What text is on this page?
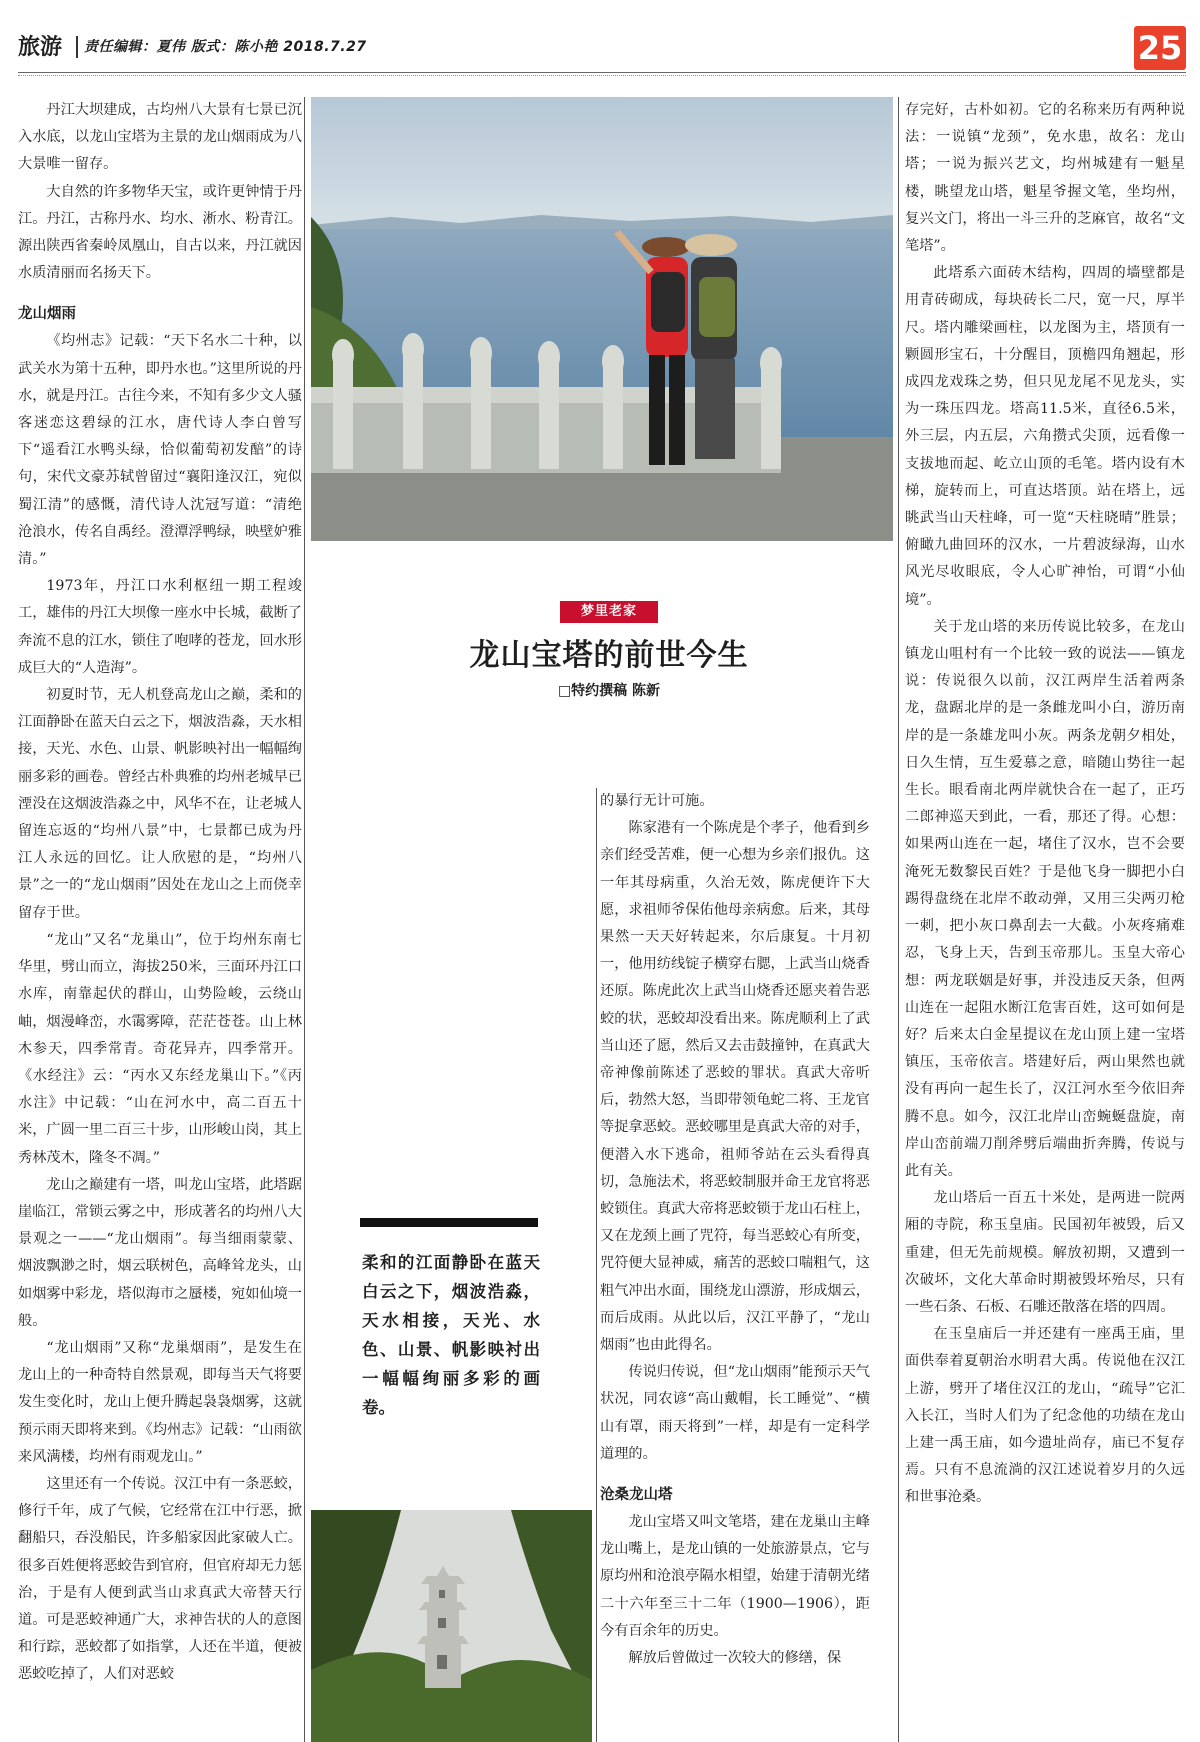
旅游 责任编辑：夏伟 版式：陈小艳 2018.7.27	25

丹江大坝建成，古均州八大景有七景已沉入水底，以龙山宝塔为主景的龙山烟雨成为八大景唯一留存。

大自然的许多物华天宝，或许更钟情于丹江。丹江，古称丹水、均水、淅水、粉青江。源出陕西省秦岭凤凰山，自古以来，丹江就因水质清丽而名扬天下。

龙山烟雨

《均州志》记载：“天下名水二十种，以武关水为第十五种，即丹水也。”这里所说的丹水，就是丹江。古往今来，不知有多少文人骚客迷恋这碧绿的江水，唐代诗人李白曾写下“遥看江水鸭头绿，恰似葡萄初发醅”的诗句，宋代文豪苏轼曾留过“襄阳逢汉江，宛似蜀江清”的感慨，清代诗人沈冠写道：“清绝沧浪水，传名自禹经。澄潭浮鸭绿，映壁妒雅清。”

1973年，丹江口水利枢纽一期工程竣工，雄伟的丹江大坝像一座水中长城，截断了奔流不息的江水，锁住了咆哮的苍龙，回水形成巨大的“人造海”。

初夏时节，无人机登高龙山之巅，柔和的江面静卧在蓝天白云之下，烟波浩淼，天水相接，天光、水色、山景、帆影映衬出一幅幅绚丽多彩的画卷。曾经古朴典雅的均州老城早已湮没在这烟波浩淼之中，风华不在，让老城人留连忘返的“均州八景”中，七景都已成为丹江人永远的回忆。让人欣慰的是，“均州八景”之一的“龙山烟雨”因处在龙山之上而侥幸留存于世。

“龙山”又名“龙巢山”，位于均州东南七华里，劈山而立，海拔250米，三面环丹江口水库，南靠起伏的群山，山势险峻，云绕山岫，烟漫峰峦，水霭雾障，茫茫苍苍。山上林木参天，四季常青。奇花异卉，四季常开。《水经注》云：“丙水又东经龙巢山下。”《丙水注》中记载：“山在河水中，高二百五十米，广圆一里二百三十步，山形峻山岗，其上秀林茂木，隆冬不凋。”

龙山之巅建有一塔，叫龙山宝塔，此塔踞崖临江，常锁云雾之中，形成著名的均州八大景观之一——“龙山烟雨”。每当细雨蒙蒙、烟波飘渺之时，烟云联树色，高峰耸龙头，山如烟雾中彩龙，塔似海市之蜃楼，宛如仙境一般。

“龙山烟雨”又称“龙巢烟雨”，是发生在龙山上的一种奇特自然景观，即每当天气将要发生变化时，龙山上便升腾起袅袅烟雾，这就预示雨天即将来到。《均州志》记载：“山雨欲来风满楼，均州有雨观龙山。”

这里还有一个传说。汉江中有一条恶蛟，修行千年，成了气候，它经常在江中行恶，掀翻船只，吞没船民，许多船家因此家破人亡。很多百姓便将恶蛟告到官府，但官府却无力惩治，于是有人便到武当山求真武大帝替天行道。可是恶蛟神通广大，求神告状的人的意图和行踪，恶蛟都了如指掌，人还在半道，便被恶蛟吃掉了，人们对恶蛟

梦里老家
龙山宝塔的前世今生
□特约撰稿 陈新

的暴行无计可施。

陈家港有一个陈虎是个孝子，他看到乡亲们经受苦难，便一心想为乡亲们报仇。这一年其母病重，久治无效，陈虎便许下大愿，求祖师爷保佑他母亲病愈。后来，其母果然一天天好转起来，尔后康复。十月初一，他用纺线锭子横穿右腮，上武当山烧香还原。陈虎此次上武当山烧香还愿夹着告恶蛟的状，恶蛟却没看出来。陈虎顺利上了武当山还了愿，然后又去击鼓撞钟，在真武大帝神像前陈述了恶蛟的罪状。真武大帝听后，勃然大怒，当即带领龟蛇二将、王龙官等捉拿恶蛟。恶蛟哪里是真武大帝的对手，便潜入水下逃命，祖师爷站在云头看得真切，急施法术，将恶蛟制服并命王龙官将恶蛟锁住。真武大帝将恶蛟锁于龙山石柱上，又在龙颈上画了咒符，每当恶蛟心有所变，咒符便大显神威，痛苦的恶蛟口喘粗气，这粗气冲出水面，围绕龙山漂游，形成烟云，而后成雨。从此以后，汉江平静了，“龙山烟雨”也由此得名。

传说归传说，但“龙山烟雨”能预示天气状况，同农谚“高山戴帽，长工睡觉”、“横山有罩，雨天将到”一样，却是有一定科学道理的。

沧桑龙山塔

龙山宝塔又叫文笔塔，建在龙巢山主峰龙山嘴上，是龙山镇的一处旅游景点，它与原均州和沧浪亭隔水相望，始建于清朝光绪二十六年至三十二年（1900—1906），距今有百余年的历史。

解放后曾做过一次较大的修缮，保

柔和的江面静卧在蓝天白云之下，烟波浩淼，天水相接，天光、水色、山景、帆影映衬出一幅幅绚丽多彩的画卷。

存完好，古朴如初。它的名称来历有两种说法：一说镇“龙颈”，免水患，故名：龙山塔；一说为振兴艺文，均州城建有一魁星楼，眺望龙山塔，魁星爷握文笔，坐均州，复兴文门，将出一斗三升的芝麻官，故名“文笔塔”。

此塔系六面砖木结构，四周的墙壁都是用青砖砌成，每块砖长二尺，宽一尺，厚半尺。塔内雕梁画柱，以龙图为主，塔顶有一颗圆形宝石，十分醒目，顶檐四角翘起，形成四龙戏珠之势，但只见龙尾不见龙头，实为一珠压四龙。塔高11.5米，直径6.5米，外三层，内五层，六角攒式尖顶，远看像一支拔地而起、屹立山顶的毛笔。塔内设有木梯，旋转而上，可直达塔顶。站在塔上，远眺武当山天柱峰，可一览“天柱晓晴”胜景；俯瞰九曲回环的汉水，一片碧波绿海，山水风光尽收眼底，令人心旷神怡，可谓“小仙境”。

关于龙山塔的来历传说比较多，在龙山镇龙山咀村有一个比较一致的说法——镇龙说：传说很久以前，汉江两岸生活着两条龙，盘踞北岸的是一条雌龙叫小白，游历南岸的是一条雄龙叫小灰。两条龙朝夕相处，日久生情，互生爱慕之意，暗随山势往一起生长。眼看南北两岸就快合在一起了，正巧二郎神巡天到此，一看，那还了得。心想：如果两山连在一起，堵住了汉水，岂不会要淹死无数黎民百姓？于是他飞身一脚把小白踢得盘绕在北岸不敢动弹，又用三尖两刃枪一刺，把小灰口鼻刮去一大截。小灰疼痛难忍，飞身上天，告到玉帝那儿。玉皇大帝心想：两龙联姻是好事，并没违反天条，但两山连在一起阻水断江危害百姓，这可如何是好？后来太白金星提议在龙山顶上建一宝塔镇压，玉帝依言。塔建好后，两山果然也就没有再向一起生长了，汉江河水至今依旧奔腾不息。如今，汉江北岸山峦蜿蜒盘旋，南岸山峦前端刀削斧劈后端曲折奔腾，传说与此有关。

龙山塔后一百五十米处，是两进一院两厢的寺院，称玉皇庙。民国初年被毁，后又重建，但无先前规模。解放初期，又遭到一次破坏，文化大革命时期被毁坏殆尽，只有一些石条、石板、石雕还散落在塔的四周。

在玉皇庙后一并还建有一座禹王庙，里面供奉着夏朝治水明君大禹。传说他在汉江上游，劈开了堵住汉江的龙山，“疏导”它汇入长江，当时人们为了纪念他的功绩在龙山上建一禹王庙，如今遗址尚存，庙已不复存焉。只有不息流淌的汉江述说着岁月的久远和世事沧桑。
